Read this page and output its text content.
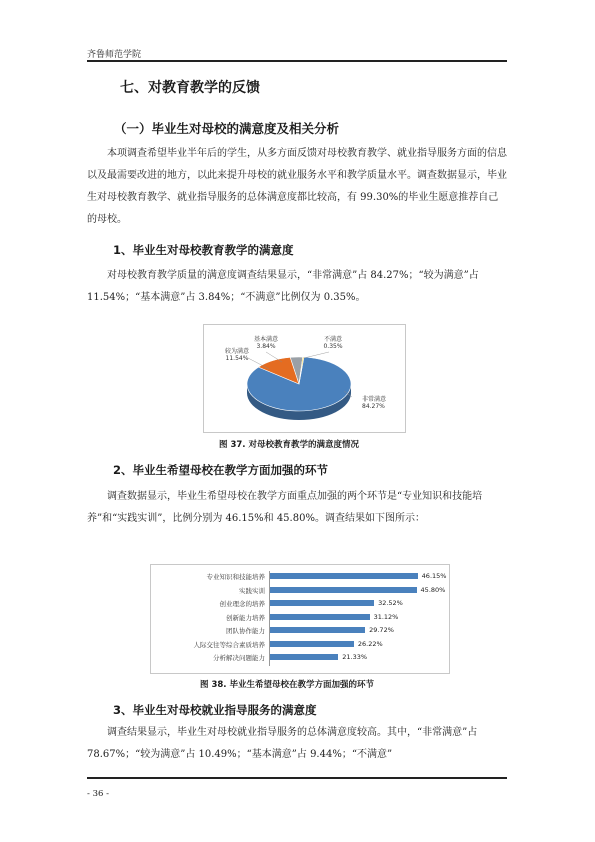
齐鲁师范学院
七、对教育教学的反馈
（一）毕业生对母校的满意度及相关分析
本项调查希望毕业半年后的学生，从多方面反馈对母校教育教学、就业指导服务方面的信息以及最需要改进的地方，以此来提升母校的就业服务水平和教学质量水平。调查数据显示，毕业生对母校教育教学、就业指导服务的总体满意度都比较高，有 99.30%的毕业生愿意推荐自己的母校。
1、毕业生对母校教育教学的满意度
对母校教育教学质量的满意度调查结果显示，“非常满意”占 84.27%；“较为满意”占 11.54%；“基本满意”占 3.84%；“不满意”比例仅为 0.35%。
非常满意
84.27%
较为满意
11.54%
基本满意
3.84%
不满意
0.35%
图 37. 对母校教育教学的满意度情况
2、毕业生希望母校在教学方面加强的环节
调查数据显示，毕业生希望母校在教学方面重点加强的两个环节是“专业知识和技能培养”和“实践实训”，比例分别为 46.15%和 45.80%。调查结果如下图所示：
专业知识和技能培养	46.15%
实践实训	45.80%
创业理念的培养	32.52%
创新能力培养	31.12%
团队协作能力	29.72%
人际交往等综合素质培养	26.22%
分析解决问题能力	21.33%
图 38. 毕业生希望母校在教学方面加强的环节
3、毕业生对母校就业指导服务的满意度
调查结果显示，毕业生对母校就业指导服务的总体满意度较高。其中，“非常满意”占 78.67%；“较为满意”占 10.49%；“基本满意”占 9.44%；“不满意”
- 36 -
